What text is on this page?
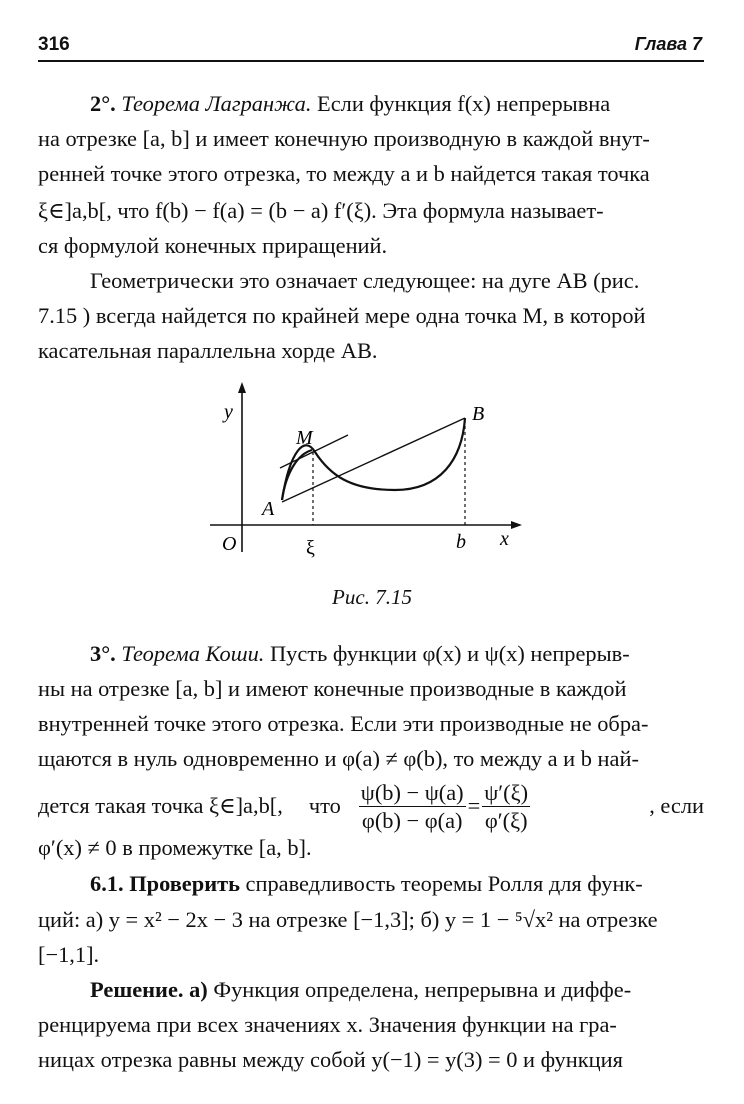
316	Глава 7

2°. Теорема Лагранжа. Если функция f(x) непрерывна

на отрезке [a, b] и имеет конечную производную в каждой внут-
ренней точке этого отрезка, то между a и b найдется такая точка
ξ∈]a,b[, что f(b) − f(a) = (b − a) f′(ξ). Эта формула называет-
ся формулой конечных приращений.
Геометрически это означает следующее: на дуге AB (рис.
7.15 ) всегда найдется по крайней мере одна точка M, в которой
касательная параллельна хорде AB.
y
x
O	ξ	b
A
B
M
Рис. 7.15

3°. Теорема Коши. Пусть функции φ(x) и ψ(x) непрерыв-

ны на отрезке [a, b] и имеют конечные производные в каждой
внутренней точке этого отрезка. Если эти производные не обра-
щаются в нуль одновременно и φ(a) ≠ φ(b), то между a и b най-
дется такая точка ξ∈]a,b[, что $\frac{\psi(b) - \psi(a)}{\varphi(b) - \varphi(a)} = \frac{\psi'(\xi)}{\varphi'(\xi)}$	, если
φ′(x) ≠ 0 в промежутке [a, b].
6.1. Проверить справедливость теоремы Ролля для функ-
ций: а) y = x² − 2x − 3 на отрезке [−1,3]; б) y = 1 − ⁵√x² на отрезке
[−1,1].
Решение. а) Функция определена, непрерывна и диффе-
ренцируема при всех значениях x. Значения функции на гра-
ницах отрезка равны между собой y(−1) = y(3) = 0 и функция
